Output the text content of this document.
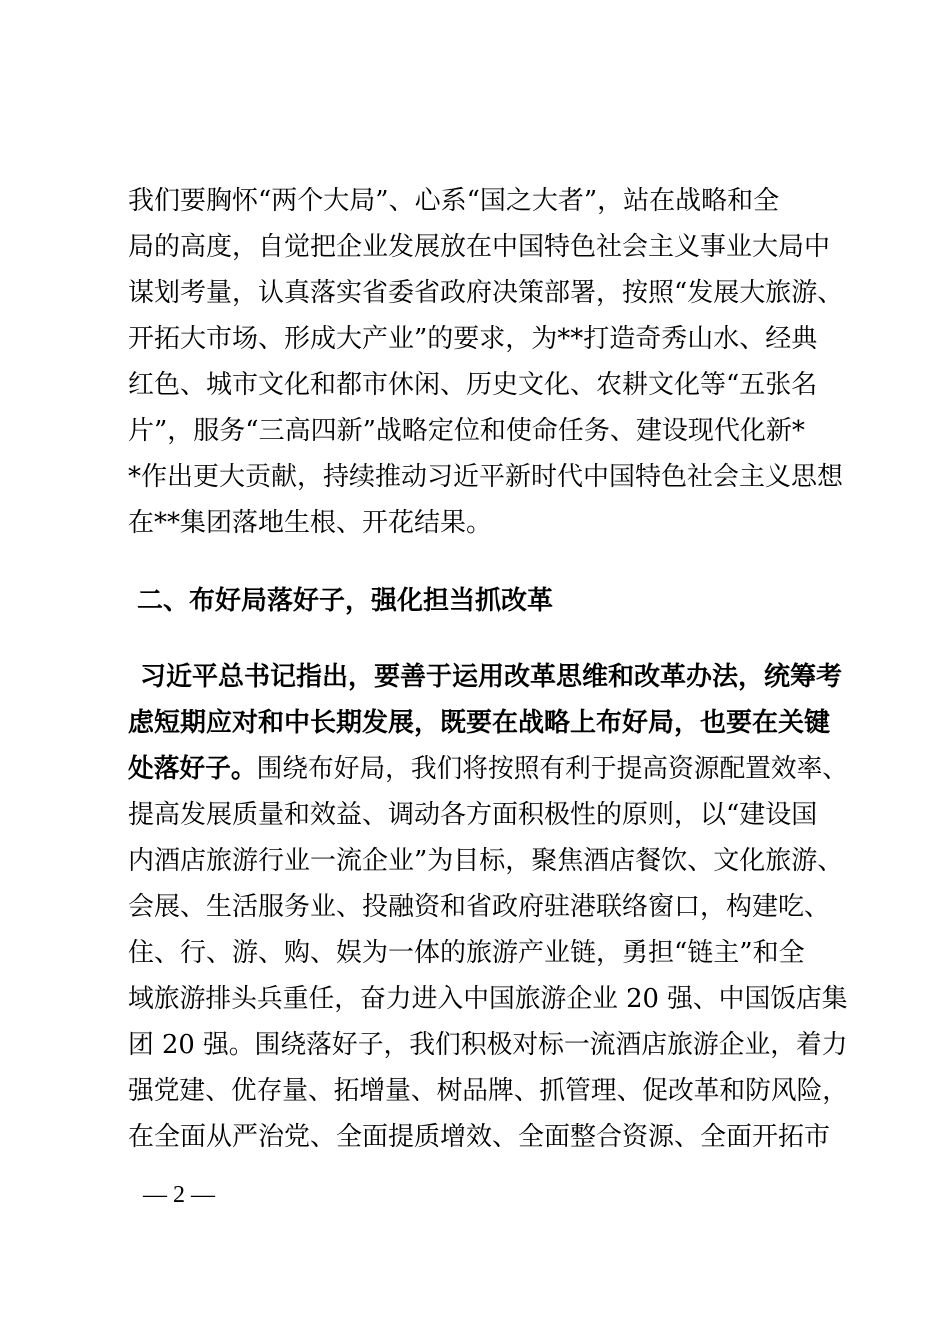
我们要胸怀“两个大局”、心系“国之大者”，站在战略和全
局的高度，自觉把企业发展放在中国特色社会主义事业大局中
谋划考量，认真落实省委省政府决策部署，按照“发展大旅游、
开拓大市场、形成大产业”的要求，为**打造奇秀山水、经典
红色、城市文化和都市休闲、历史文化、农耕文化等“五张名
片”，服务“三高四新”战略定位和使命任务、建设现代化新*
*作出更大贡献，持续推动习近平新时代中国特色社会主义思想
在**集团落地生根、开花结果。
二、布好局落好子，强化担当抓改革
习近平总书记指出，要善于运用改革思维和改革办法，统筹考
虑短期应对和中长期发展，既要在战略上布好局，也要在关键
处落好子。围绕布好局，我们将按照有利于提高资源配置效率、
提高发展质量和效益、调动各方面积极性的原则，以“建设国
内酒店旅游行业一流企业”为目标，聚焦酒店餐饮、文化旅游、
会展、生活服务业、投融资和省政府驻港联络窗口，构建吃、
住、行、游、购、娱为一体的旅游产业链，勇担“链主”和全
域旅游排头兵重任，奋力进入中国旅游企业 20 强、中国饭店集
团 20 强。围绕落好子，我们积极对标一流酒店旅游企业，着力
强党建、优存量、拓增量、树品牌、抓管理、促改革和防风险，
在全面从严治党、全面提质增效、全面整合资源、全面开拓市
— 2 —
